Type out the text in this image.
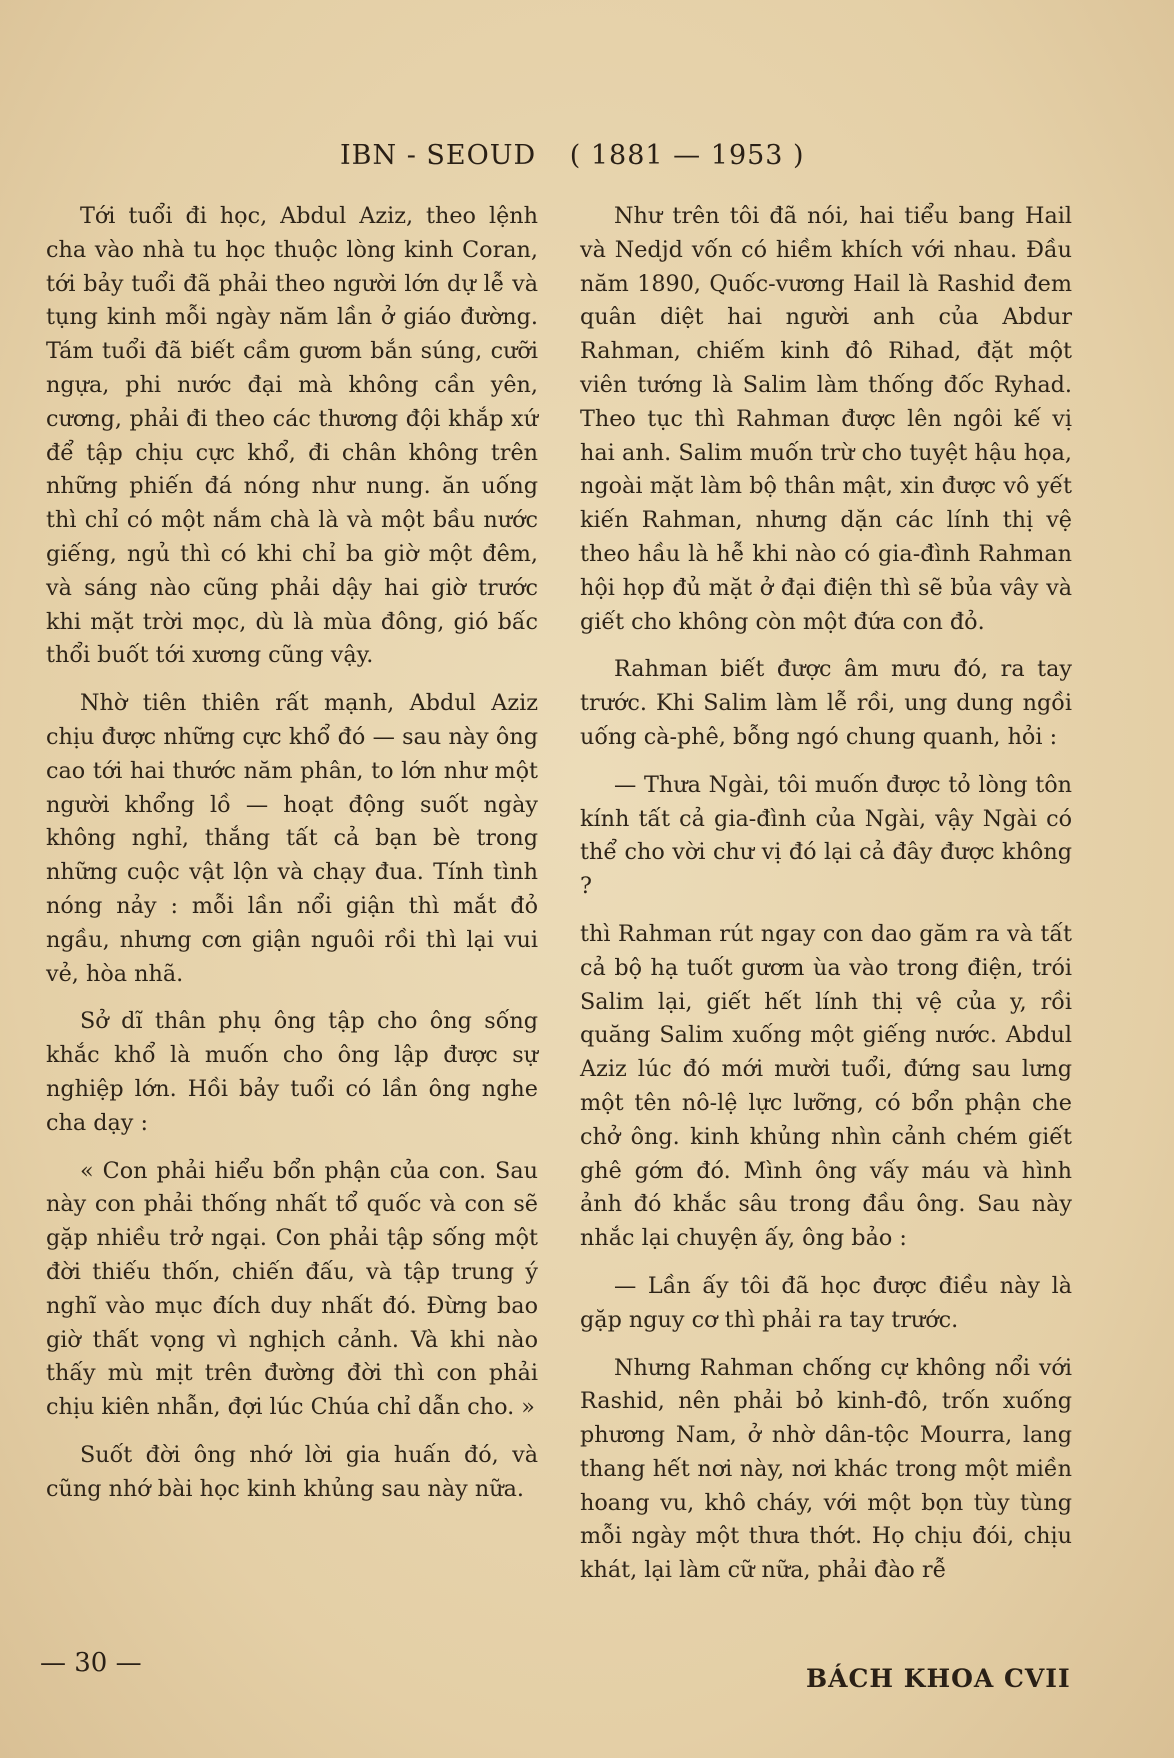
IBN - SEOUD ( 1881 — 1953 )

Tới tuổi đi học, Abdul Aziz, theo lệnh cha vào nhà tu học thuộc lòng kinh Coran, tới bảy tuổi đã phải theo người lớn dự lễ và tụng kinh mỗi ngày năm lần ở giáo đường. Tám tuổi đã biết cầm gươm bắn súng, cưỡi ngựa, phi nước đại mà không cần yên, cương, phải đi theo các thương đội khắp xứ để tập chịu cực khổ, đi chân không trên những phiến đá nóng như nung. ăn uống thì chỉ có một nắm chà là và một bầu nước giếng, ngủ thì có khi chỉ ba giờ một đêm, và sáng nào cũng phải dậy hai giờ trước khi mặt trời mọc, dù là mùa đông, gió bấc thổi buốt tới xương cũng vậy.

Nhờ tiên thiên rất mạnh, Abdul Aziz chịu được những cực khổ đó — sau này ông cao tới hai thước năm phân, to lớn như một người khổng lồ — hoạt động suốt ngày không nghỉ, thắng tất cả bạn bè trong những cuộc vật lộn và chạy đua. Tính tình nóng nảy : mỗi lần nổi giận thì mắt đỏ ngầu, nhưng cơn giận nguôi rồi thì lại vui vẻ, hòa nhã.

Sở dĩ thân phụ ông tập cho ông sống khắc khổ là muốn cho ông lập được sự nghiệp lớn. Hồi bảy tuổi có lần ông nghe cha dạy :

« Con phải hiểu bổn phận của con. Sau này con phải thống nhất tổ quốc và con sẽ gặp nhiều trở ngại. Con phải tập sống một đời thiếu thốn, chiến đấu, và tập trung ý nghĩ vào mục đích duy nhất đó. Đừng bao giờ thất vọng vì nghịch cảnh. Và khi nào thấy mù mịt trên đường đời thì con phải chịu kiên nhẫn, đợi lúc Chúa chỉ dẫn cho. »

Suốt đời ông nhớ lời gia huấn đó, và cũng nhớ bài học kinh khủng sau này nữa.

Như trên tôi đã nói, hai tiểu bang Hail và Nedjd vốn có hiềm khích với nhau. Đầu năm 1890, Quốc-vương Hail là Rashid đem quân diệt hai người anh của Abdur Rahman, chiếm kinh đô Rihad, đặt một viên tướng là Salim làm thống đốc Ryhad. Theo tục thì Rahman được lên ngôi kế vị hai anh. Salim muốn trừ cho tuyệt hậu họa, ngoài mặt làm bộ thân mật, xin được vô yết kiến Rahman, nhưng dặn các lính thị vệ theo hầu là hễ khi nào có gia-đình Rahman hội họp đủ mặt ở đại điện thì sẽ bủa vây và giết cho không còn một đứa con đỏ.

Rahman biết được âm mưu đó, ra tay trước. Khi Salim làm lễ rồi, ung dung ngồi uống cà-phê, bỗng ngó chung quanh, hỏi :

— Thưa Ngài, tôi muốn được tỏ lòng tôn kính tất cả gia-đình của Ngài, vậy Ngài có thể cho vời chư vị đó lại cả đây được không ?

thì Rahman rút ngay con dao găm ra và tất cả bộ hạ tuốt gươm ùa vào trong điện, trói Salim lại, giết hết lính thị vệ của y, rồi quăng Salim xuống một giếng nước. Abdul Aziz lúc đó mới mười tuổi, đứng sau lưng một tên nô-lệ lực lưỡng, có bổn phận che chở ông. kinh khủng nhìn cảnh chém giết ghê gớm đó. Mình ông vấy máu và hình ảnh đó khắc sâu trong đầu ông. Sau này nhắc lại chuyện ấy, ông bảo :

— Lần ấy tôi đã học được điều này là gặp nguy cơ thì phải ra tay trước.

Nhưng Rahman chống cự không nổi với Rashid, nên phải bỏ kinh-đô, trốn xuống phương Nam, ở nhờ dân-tộc Mourra, lang thang hết nơi này, nơi khác trong một miền hoang vu, khô cháy, với một bọn tùy tùng mỗi ngày một thưa thớt. Họ chịu đói, chịu khát, lại làm cữ nữa, phải đào rễ

— 30 —
BÁCH KHOA CVII
